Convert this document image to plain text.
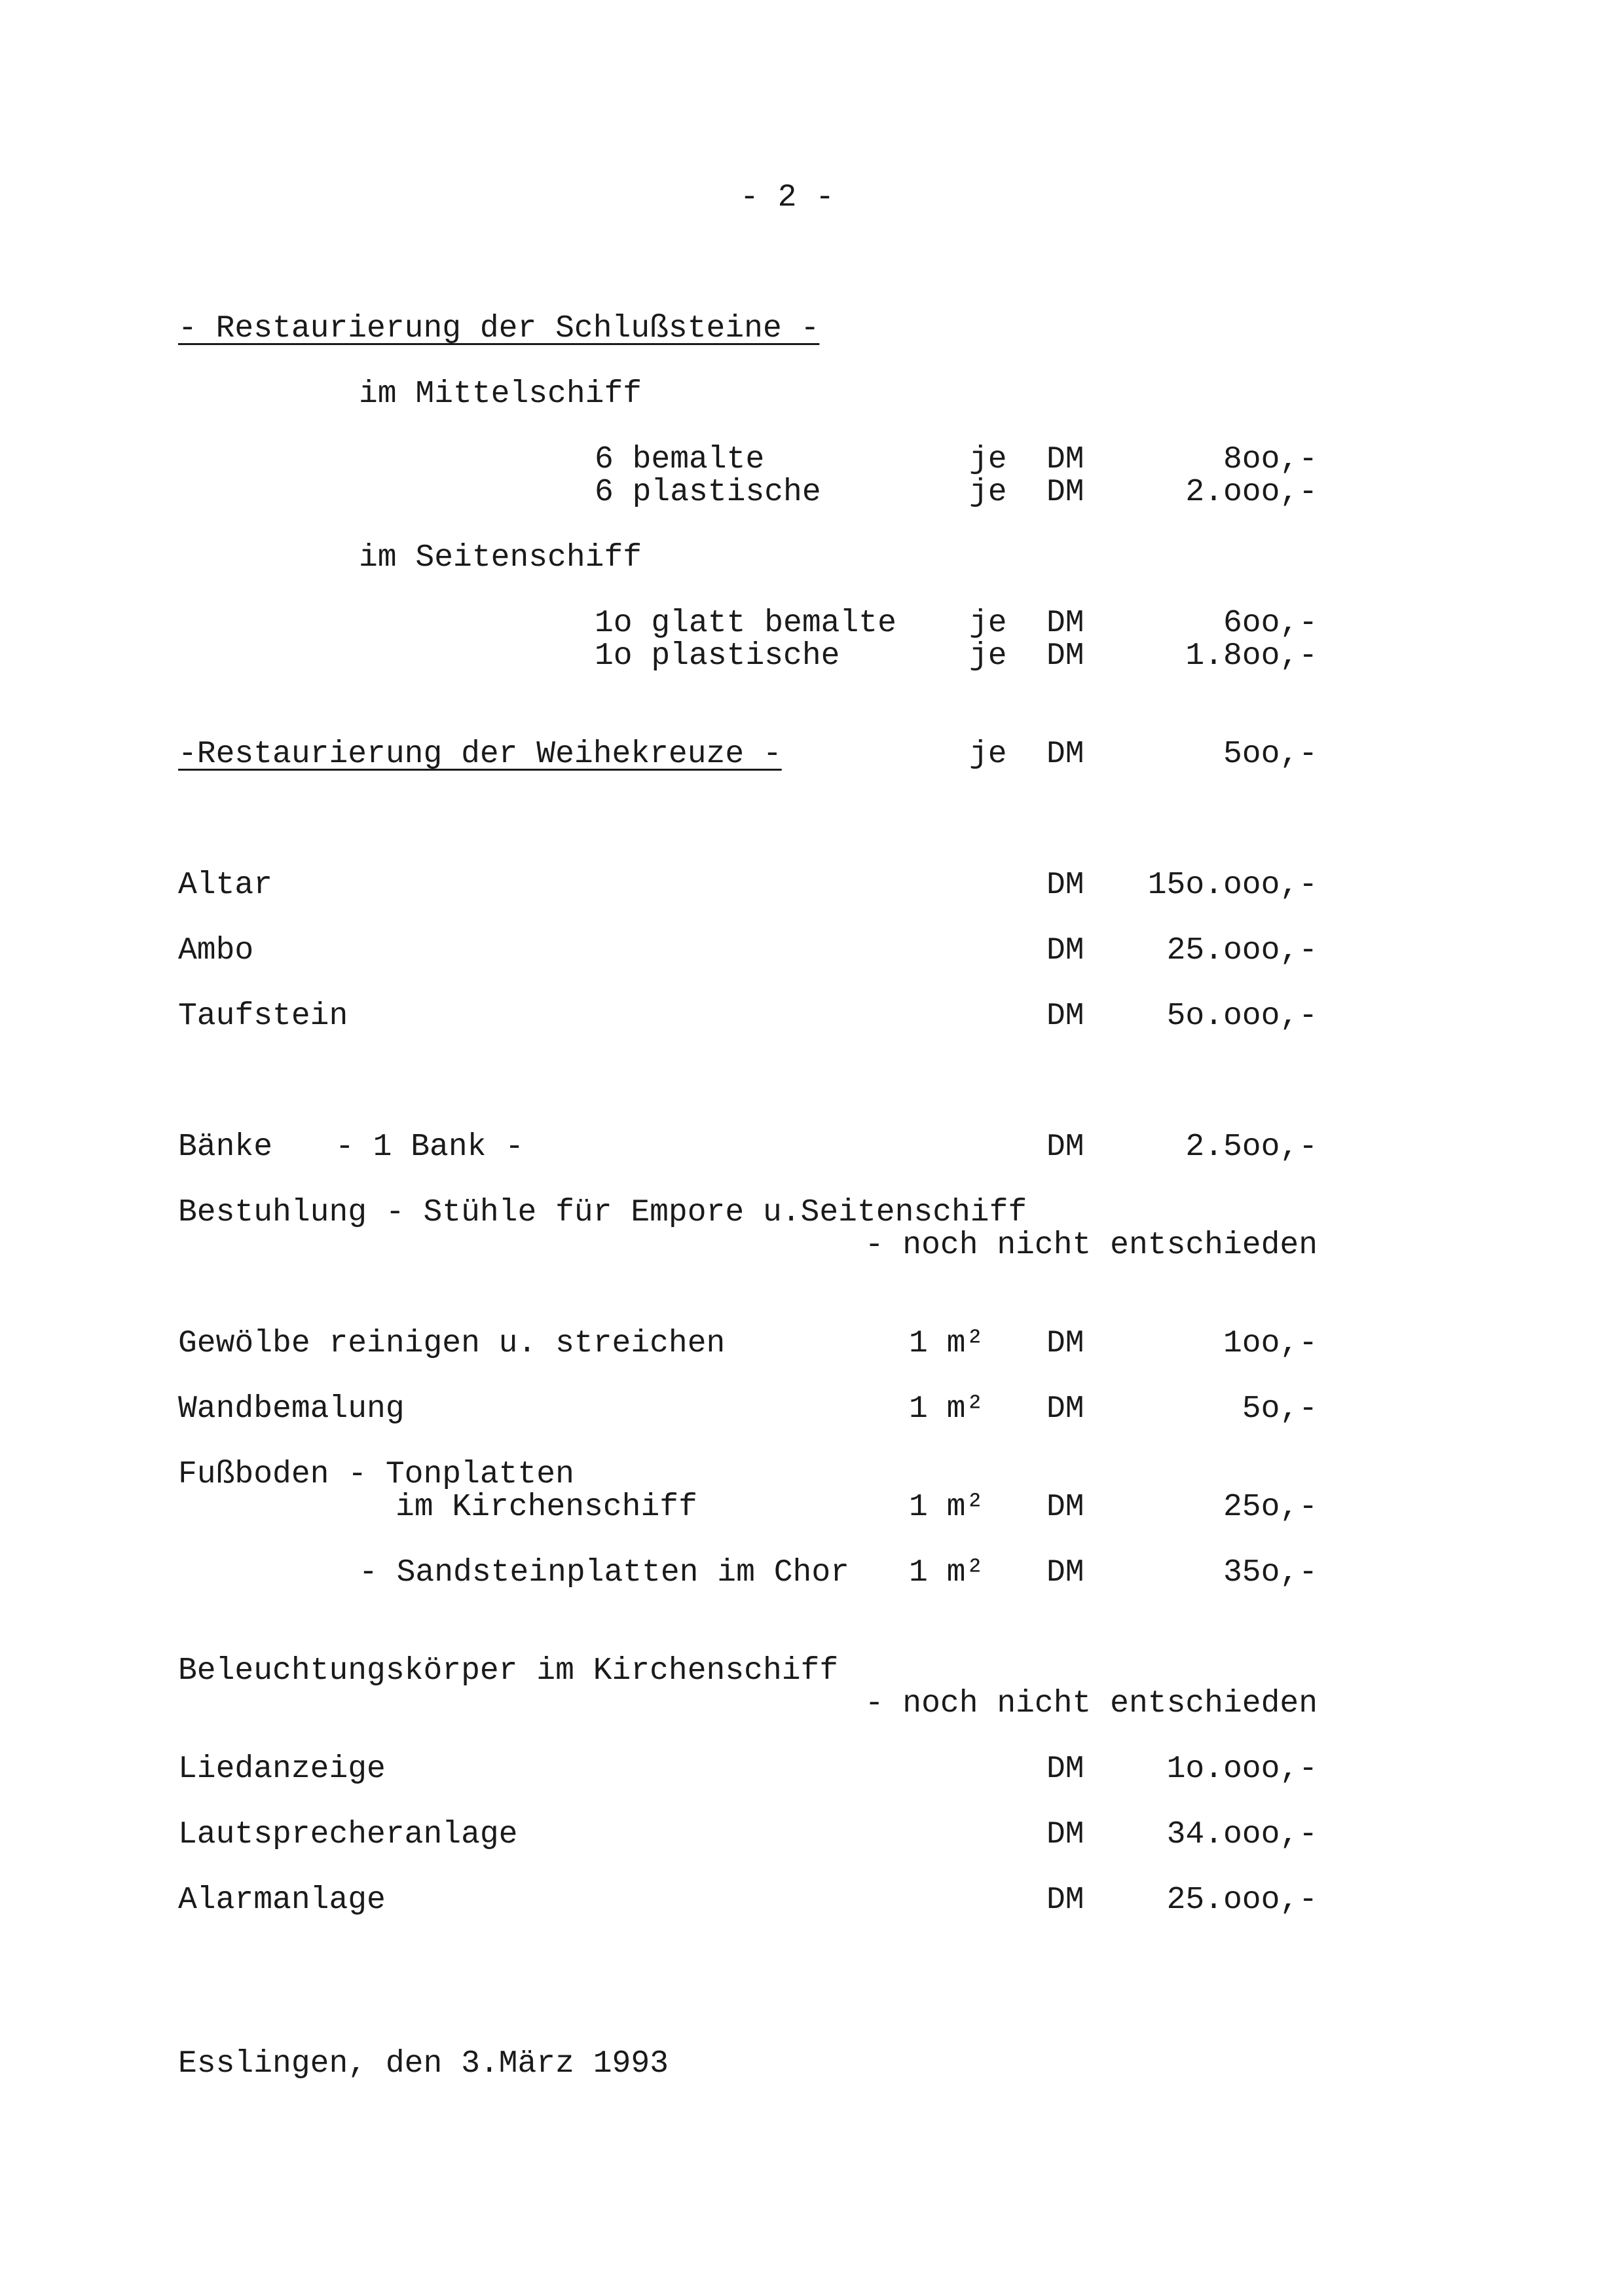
- 2 -
- Restaurierung der Schlußsteine -
im Mittelschiff
6 bemalte	je DM	8oo,-
6 plastische	je DM	2.ooo,-
im Seitenschiff
1o glatt bemalte je DM	6oo,-
1o plastische	je DM	1.8oo,-
-Restaurierung der Weihekreuze -	je DM	5oo,-
Altar	DM 15o.ooo,-
Ambo	DM	25.ooo,-
Taufstein	DM	5o.ooo,-
Bänke - 1 Bank -	DM	2.5oo,-
Bestuhlung - Stühle für Empore u.Seitenschiff
- noch nicht entschieden
Gewölbe reinigen u. streichen	1 m² DM	1oo,-
Wandbemalung	1 m² DM	5o,-
Fußboden - Tonplatten
im Kirchenschiff	1 m² DM	25o,-
- Sandsteinplatten im Chor 1 m² DM	35o,-
Beleuchtungskörper im Kirchenschiff
- noch nicht entschieden
Liedanzeige	DM	1o.ooo,-
Lautsprecheranlage	DM	34.ooo,-
Alarmanlage	DM	25.ooo,-
Esslingen, den 3.März 1993
